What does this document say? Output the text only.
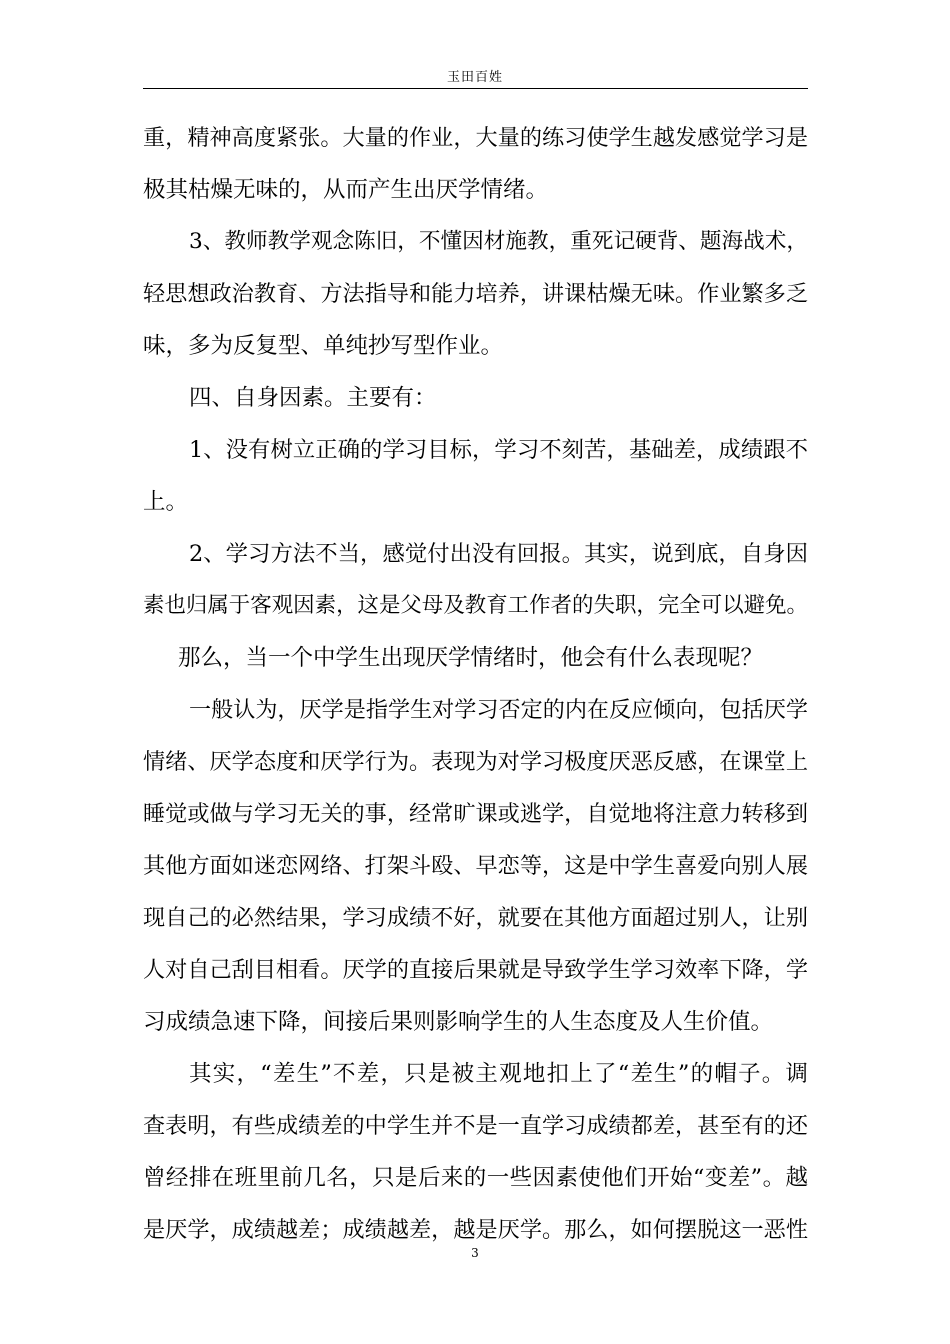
玉田百姓
重，精神高度紧张。大量的作业，大量的练习使学生越发感觉学习是
极其枯燥无味的，从而产生出厌学情绪。
3、教师教学观念陈旧，不懂因材施教，重死记硬背、题海战术，
轻思想政治教育、方法指导和能力培养，讲课枯燥无味。作业繁多乏
味，多为反复型、单纯抄写型作业。
四、自身因素。主要有：
1、没有树立正确的学习目标，学习不刻苦，基础差，成绩跟不
上。
2、学习方法不当，感觉付出没有回报。其实，说到底，自身因
素也归属于客观因素，这是父母及教育工作者的失职，完全可以避免。
那么，当一个中学生出现厌学情绪时，他会有什么表现呢？
一般认为，厌学是指学生对学习否定的内在反应倾向，包括厌学
情绪、厌学态度和厌学行为。表现为对学习极度厌恶反感，在课堂上
睡觉或做与学习无关的事，经常旷课或逃学，自觉地将注意力转移到
其他方面如迷恋网络、打架斗殴、早恋等，这是中学生喜爱向别人展
现自己的必然结果，学习成绩不好，就要在其他方面超过别人，让别
人对自己刮目相看。厌学的直接后果就是导致学生学习效率下降，学
习成绩急速下降，间接后果则影响学生的人生态度及人生价值。
其实，“差生”不差，只是被主观地扣上了“差生”的帽子。调
查表明，有些成绩差的中学生并不是一直学习成绩都差，甚至有的还
曾经排在班里前几名，只是后来的一些因素使他们开始“变差”。越
是厌学，成绩越差；成绩越差，越是厌学。那么，如何摆脱这一恶性
3
